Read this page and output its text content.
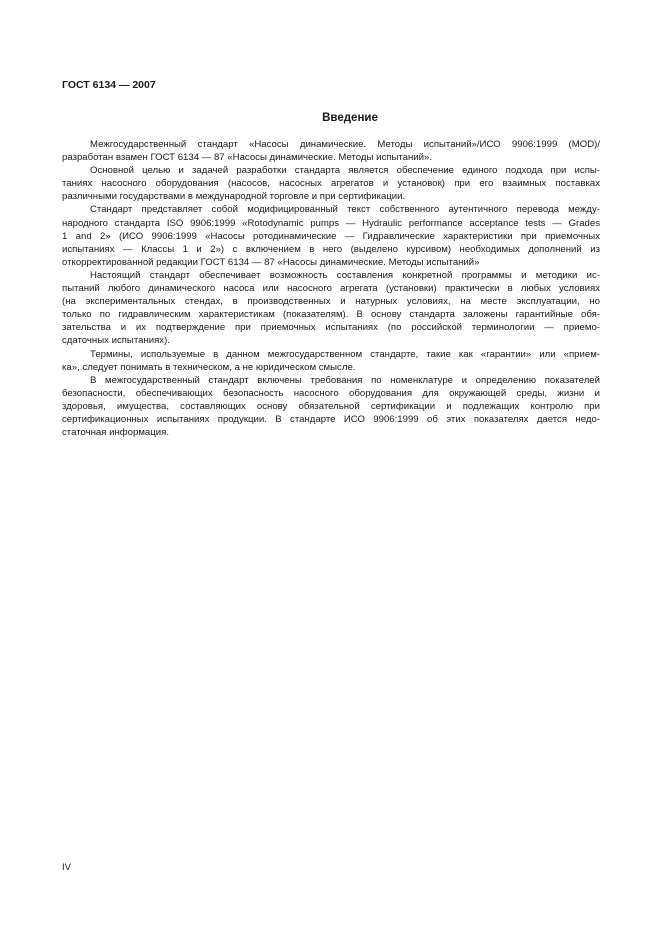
ГОСТ 6134 — 2007
Введение
Межгосударственный стандарт «Насосы динамические. Методы испытаний»/ИСО 9906:1999 (MOD)/
разработан взамен ГОСТ 6134 — 87 «Насосы динамические. Методы испытаний».
Основной целью и задачей разработки стандарта является обеспечение единого подхода при испы-
таниях насосного оборудования (насосов, насосных агрегатов и установок) при его взаимных поставках
различными государствами в международной торговле и при сертификации.
Стандарт представляет собой модифицированный текст собственного аутентичного перевода между-
народного стандарта ISO 9906:1999 «Rotodynamic pumps — Hydraulic performance acceptance tests — Grades
1 and 2» (ИСО 9906:1999 «Насосы ротодинамические — Гидравлические характеристики при приемочных
испытаниях — Классы 1 и 2») с включением в него (выделено курсивом) необходимых дополнений из
откорректированной редакции ГОСТ 6134 — 87 «Насосы динамические. Методы испытаний»
Настоящий стандарт обеспечивает возможность составления конкретной программы и методики ис-
пытаний любого динамического насоса или насосного агрегата (установки) практически в любых условиях
(на экспериментальных стендах, в производственных и натурных условиях, на месте эксплуатации, но
только по гидравлическим характеристикам (показателям). В основу стандарта заложены гарантийные обя-
зательства и их подтверждение при приемочных испытаниях (по российской терминологии — приемо-
сдаточных испытаниях).
Термины, используемые в данном межгосударственном стандарте, такие как «гарантии» или «прием-
ка», следует понимать в техническом, а не юридическом смысле.
В межгосударственный стандарт включены требования по номенклатуре и определению показателей
безопасности, обеспечивающих безопасность насосного оборудования для окружающей среды, жизни и
здоровья, имущества, составляющих основу обязательной сертификации и подлежащих контролю при
сертификационных испытаниях продукции. В стандарте ИСО 9906:1999 об этих показателях дается недо-
статочная информация.
IV
